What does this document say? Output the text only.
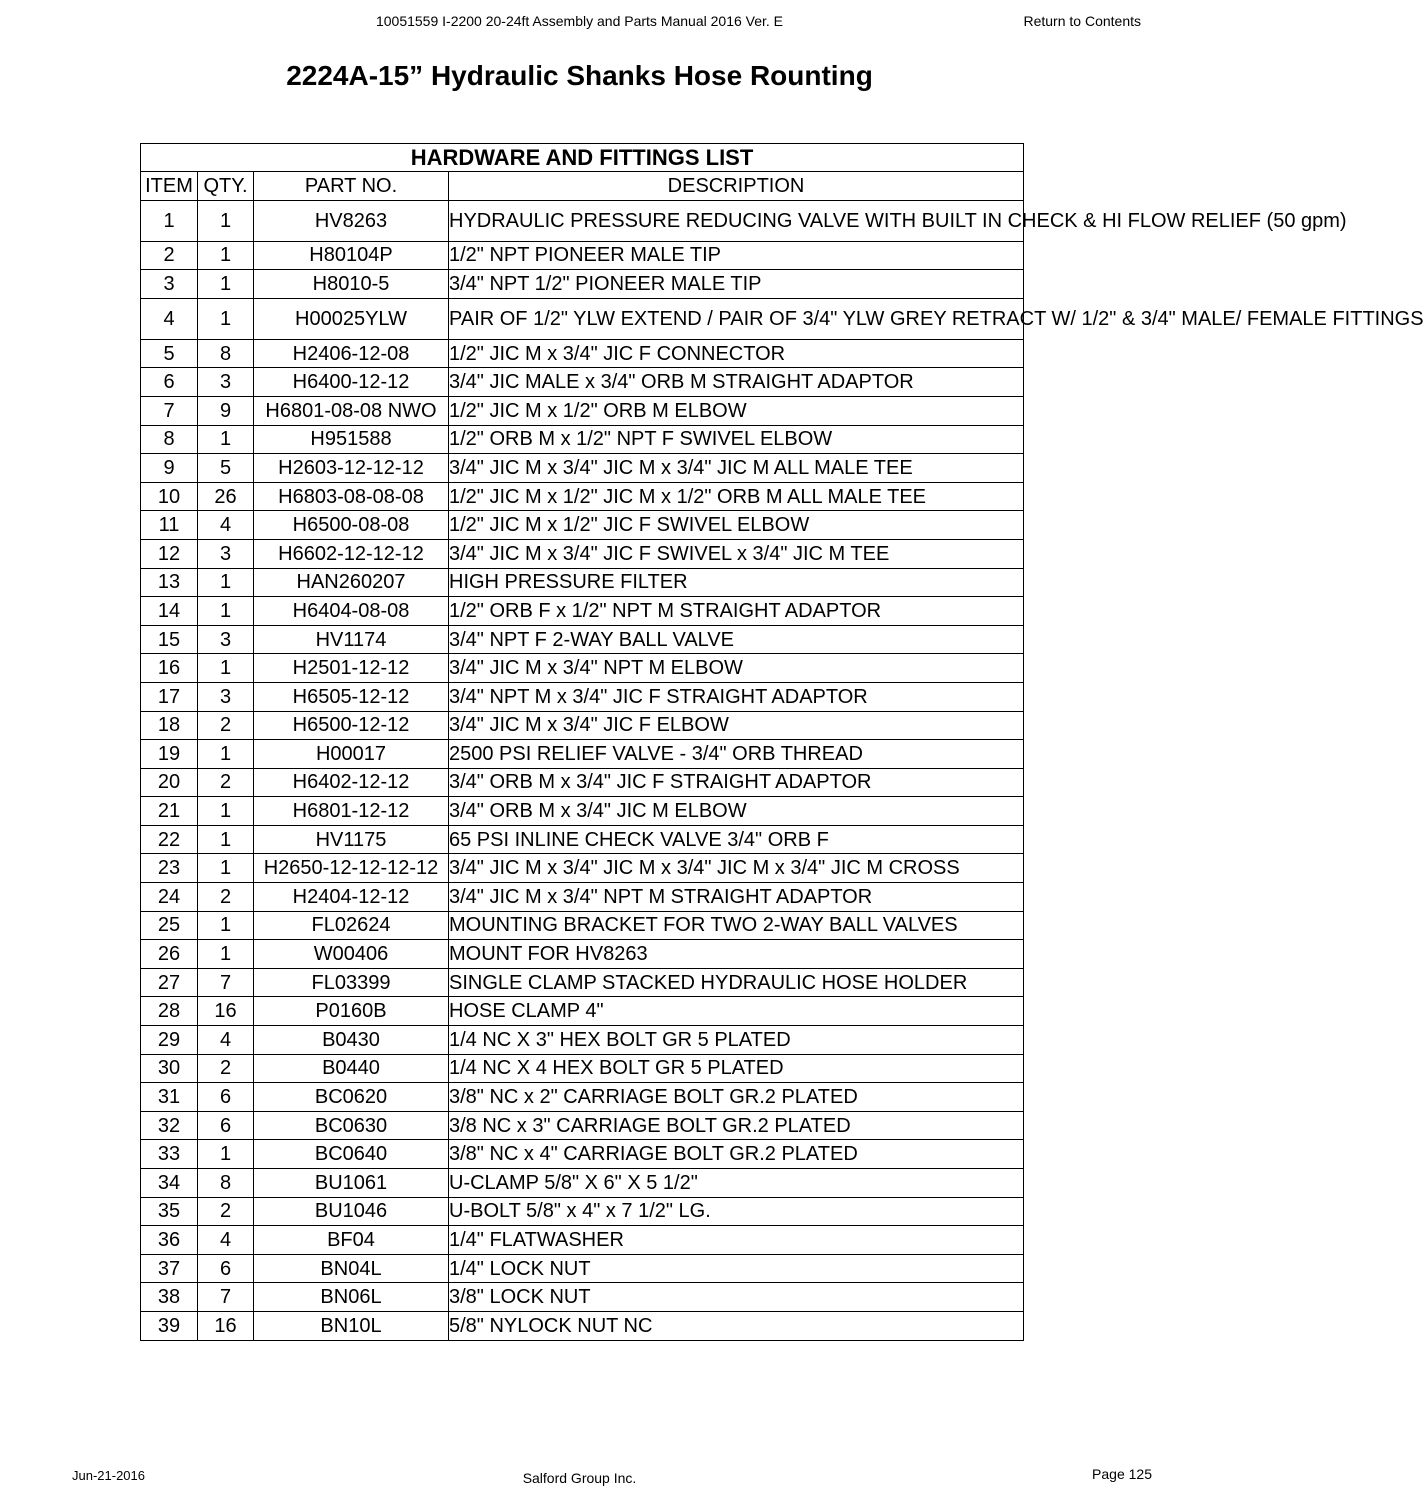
10051559 I-2200 20-24ft Assembly and Parts Manual 2016 Ver. E	Return to Contents
2224A-15” Hydraulic Shanks Hose Rounting
HARDWARE AND FITTINGS LIST			
ITEM	QTY.	PART NO.	DESCRIPTION
1	1	HV8263	HYDRAULIC PRESSURE REDUCING VALVE WITH BUILT IN CHECK & HI FLOW RELIEF (50 gpm)
2	1	H80104P	1/2" NPT PIONEER MALE TIP
3	1	H8010-5	3/4" NPT 1/2" PIONEER MALE TIP
4	1	H00025YLW	PAIR OF 1/2" YLW EXTEND / PAIR OF 3/4" YLW GREY RETRACT W/ 1/2" & 3/4" MALE/ FEMALE FITTINGS
5	8	H2406-12-08	1/2" JIC M x 3/4" JIC F CONNECTOR
6	3	H6400-12-12	3/4" JIC MALE x 3/4" ORB M STRAIGHT ADAPTOR
7	9	H6801-08-08 NWO	1/2" JIC M x 1/2" ORB M ELBOW
8	1	H951588	1/2" ORB M x 1/2" NPT F SWIVEL ELBOW
9	5	H2603-12-12-12	3/4" JIC M x 3/4" JIC M x 3/4" JIC M ALL MALE TEE
10	26	H6803-08-08-08	1/2" JIC M x 1/2" JIC M x 1/2" ORB M ALL MALE TEE
11	4	H6500-08-08	1/2" JIC M x 1/2" JIC F SWIVEL ELBOW
12	3	H6602-12-12-12	3/4" JIC M x 3/4" JIC F SWIVEL x 3/4" JIC M TEE
13	1	HAN260207	HIGH PRESSURE FILTER
14	1	H6404-08-08	1/2" ORB F x 1/2" NPT M STRAIGHT ADAPTOR
15	3	HV1174	3/4" NPT F 2-WAY BALL VALVE
16	1	H2501-12-12	3/4" JIC M x 3/4" NPT M ELBOW
17	3	H6505-12-12	3/4" NPT M x 3/4" JIC F STRAIGHT ADAPTOR
18	2	H6500-12-12	3/4" JIC M x 3/4" JIC F ELBOW
19	1	H00017	2500 PSI RELIEF VALVE - 3/4" ORB THREAD
20	2	H6402-12-12	3/4" ORB M x 3/4" JIC F STRAIGHT ADAPTOR
21	1	H6801-12-12	3/4" ORB M x 3/4" JIC M ELBOW
22	1	HV1175	65 PSI INLINE CHECK VALVE 3/4" ORB F
23	1	H2650-12-12-12-12	3/4" JIC M x 3/4" JIC M x 3/4" JIC M x 3/4" JIC M CROSS
24	2	H2404-12-12	3/4" JIC M x 3/4" NPT M STRAIGHT ADAPTOR
25	1	FL02624	MOUNTING BRACKET FOR TWO 2-WAY BALL VALVES
26	1	W00406	MOUNT FOR HV8263
27	7	FL03399	SINGLE CLAMP STACKED HYDRAULIC HOSE HOLDER
28	16	P0160B	HOSE CLAMP 4"
29	4	B0430	1/4 NC X 3" HEX BOLT GR 5 PLATED
30	2	B0440	1/4 NC X 4 HEX BOLT GR 5 PLATED
31	6	BC0620	3/8" NC x 2" CARRIAGE BOLT GR.2 PLATED
32	6	BC0630	3/8 NC x 3" CARRIAGE BOLT GR.2 PLATED
33	1	BC0640	3/8" NC x 4" CARRIAGE BOLT GR.2 PLATED
34	8	BU1061	U-CLAMP 5/8" X 6" X 5 1/2"
35	2	BU1046	U-BOLT 5/8" x 4" x 7 1/2" LG.
36	4	BF04	1/4" FLATWASHER
37	6	BN04L	1/4" LOCK NUT
38	7	BN06L	3/8" LOCK NUT
39	16	BN10L	5/8" NYLOCK NUT NC
Jun-21-2016	Salford Group Inc.	Page 125
